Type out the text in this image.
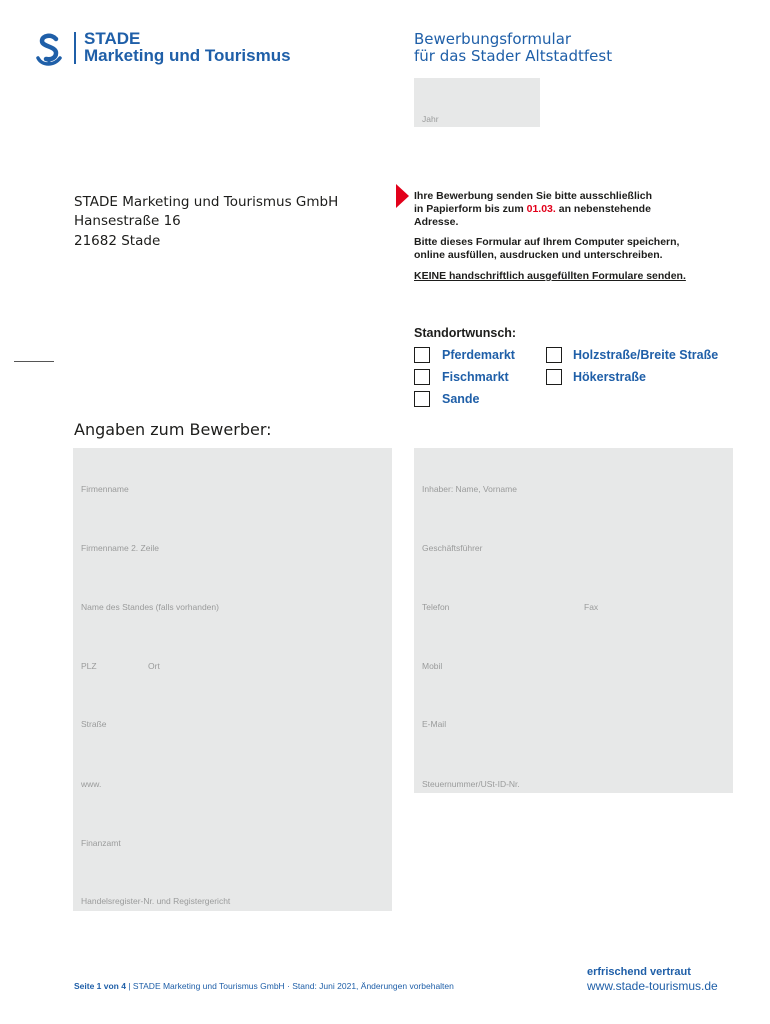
STADE
Marketing und Tourismus
Bewerbungsformular
für das Stader Altstadtfest
Jahr
STADE Marketing und Tourismus GmbH
Hansestraße 16
21682 Stade
Ihre Bewerbung senden Sie bitte ausschließlich
in Papierform bis zum 01.03. an nebenstehende
Adresse.
Bitte dieses Formular auf Ihrem Computer speichern,
online ausfüllen, ausdrucken und unterschreiben.
KEINE handschriftlich ausgefüllten Formulare senden.
Standortwunsch:
Pferdemarkt
Fischmarkt
Sande
Holzstraße/Breite Straße
Hökerstraße
Angaben zum Bewerber:
Firmenname
Firmenname 2. Zeile
Name des Standes (falls vorhanden)
PLZ	Ort
Straße
www.
Finanzamt
Handelsregister-Nr. und Registergericht
Inhaber: Name, Vorname
Geschäftsführer
Telefon	Fax
Mobil
E-Mail
Steuernummer/USt-ID-Nr.
Seite 1 von 4 | STADE Marketing und Tourismus GmbH · Stand: Juni 2021, Änderungen vorbehalten
erfrischend vertraut
www.stade-tourismus.de
